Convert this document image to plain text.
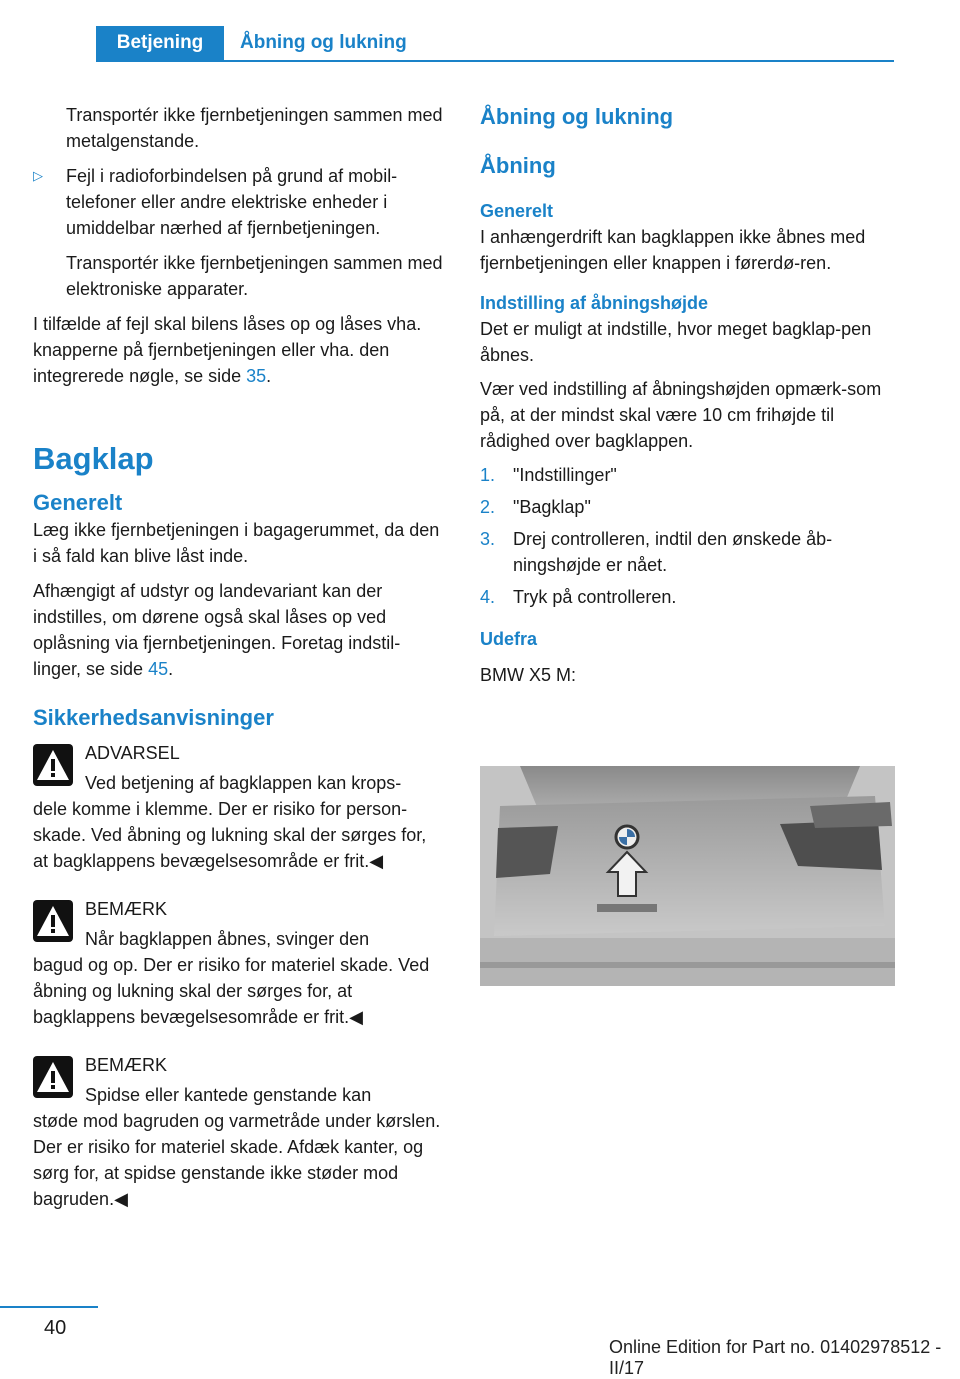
Betjening	Åbning og lukning

Transportér ikke fjernbetjeningen sammen med metalgenstande.

▷	Fejl i radioforbindelsen på grund af mobil-telefoner eller andre elektriske enheder i umiddelbar nærhed af fjernbetjeningen.

Transportér ikke fjernbetjeningen sammen med elektroniske apparater.

I tilfælde af fejl skal bilens låses op og låses vha. knapperne på fjernbetjeningen eller vha. den integrerede nøgle, se side 35.

Bagklap
Generelt

Læg ikke fjernbetjeningen i bagagerummet, da den i så fald kan blive låst inde.

Afhængigt af udstyr og landevariant kan der indstilles, om dørene også skal låses op ved oplåsning via fjernbetjeningen. Foretag indstil-linger, se side 45.

Sikkerhedsanvisninger

ADVARSEL

Ved betjening af bagklappen kan krops-

dele komme i klemme. Der er risiko for person-skade. Ved åbning og lukning skal der sørges for, at bagklappens bevægelsesområde er frit.◀

BEMÆRK

Når bagklappen åbnes, svinger den

bagud og op. Der er risiko for materiel skade. Ved åbning og lukning skal der sørges for, at bagklappens bevægelsesområde er frit.◀

BEMÆRK

Spidse eller kantede genstande kan

støde mod bagruden og varmetråde under kørslen. Der er risiko for materiel skade. Afdæk kanter, og sørg for, at spidse genstande ikke støder mod bagruden.◀

Åbning og lukning
Åbning
Generelt

I anhængerdrift kan bagklappen ikke åbnes med fjernbetjeningen eller knappen i førerdø-ren.

Indstilling af åbningshøjde

Det er muligt at indstille, hvor meget bagklap-pen åbnes.

Vær ved indstilling af åbningshøjden opmærk-som på, at der mindst skal være 10 cm frihøjde til rådighed over bagklappen.

1. "Indstillinger"
2. "Bagklap"
3. Drej controlleren, indtil den ønskede åb-ningshøjde er nået.
4. Tryk på controlleren.
Udefra

BMW X5 M:

40
Online Edition for Part no. 01402978512 - II/17
